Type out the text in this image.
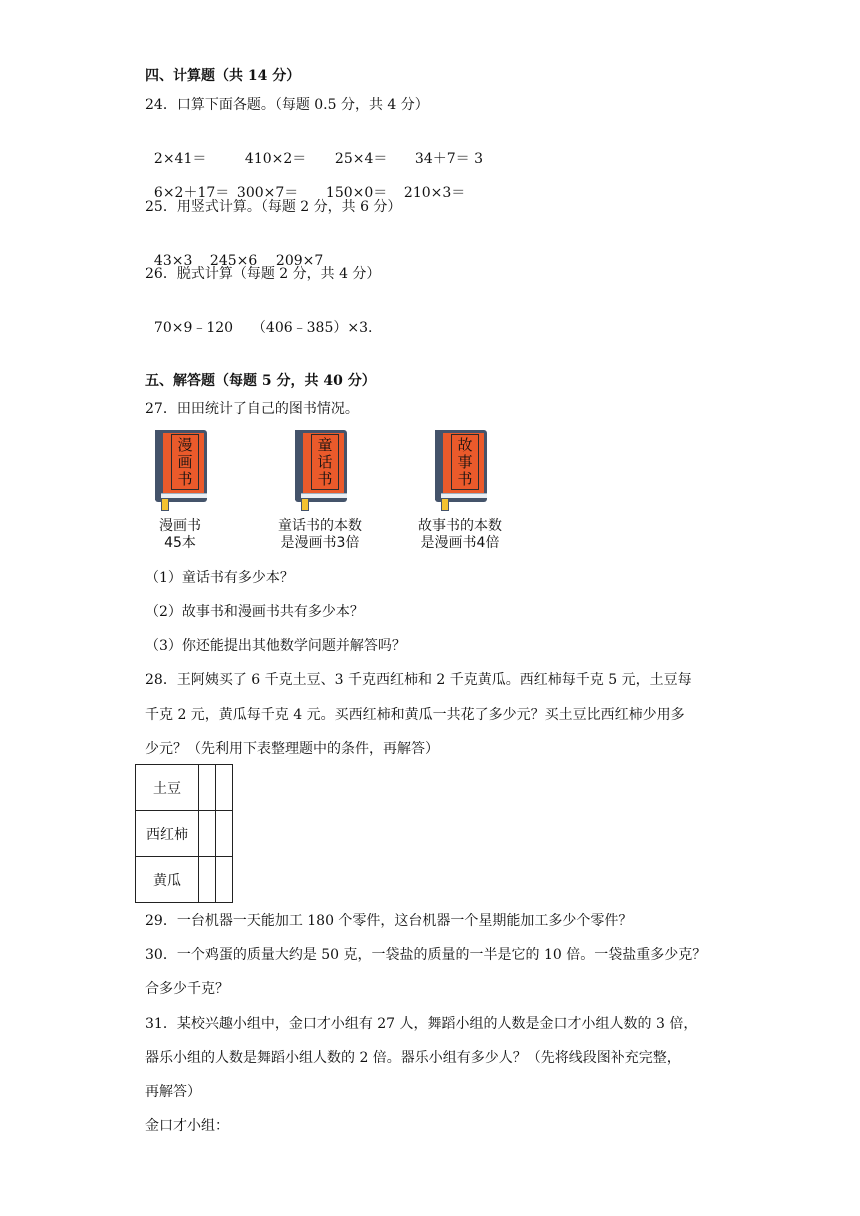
四、计算题（共 14 分）
24．口算下面各题。（每题 0.5 分，共 4 分）

2×41＝	410×2＝ 25×4＝ 34＋7＝ 3

6×2＋17＝ 300×7＝ 150×0＝ 210×3＝

25．用竖式计算。（每题 2 分，共 6 分）

43×3 245×6 209×7

26．脱式计算（每题 2 分，共 4 分）

70×9﹣120 （406﹣385）×3.

五、解答题（每题 5 分，共 40 分）
27．田田统计了自己的图书情况。
漫画书
漫画书
45本
童话书
童话书的本数
是漫画书3倍
故事书
故事书的本数
是漫画书4倍
（1）童话书有多少本？
（2）故事书和漫画书共有多少本？
（3）你还能提出其他数学问题并解答吗？
28．王阿姨买了 6 千克土豆、3 千克西红柿和 2 千克黄瓜。西红柿每千克 5 元，土豆每
千克 2 元，黄瓜每千克 4 元。买西红柿和黄瓜一共花了多少元？买土豆比西红柿少用多
少元？（先利用下表整理题中的条件，再解答）
土豆		
西红柿		
黄瓜		
29．一台机器一天能加工 180 个零件，这台机器一个星期能加工多少个零件？
30．一个鸡蛋的质量大约是 50 克，一袋盐的质量的一半是它的 10 倍。一袋盐重多少克？
合多少千克？
31．某校兴趣小组中，金口才小组有 27 人，舞蹈小组的人数是金口才小组人数的 3 倍，
器乐小组的人数是舞蹈小组人数的 2 倍。器乐小组有多少人？（先将线段图补充完整，
再解答）
金口才小组：
